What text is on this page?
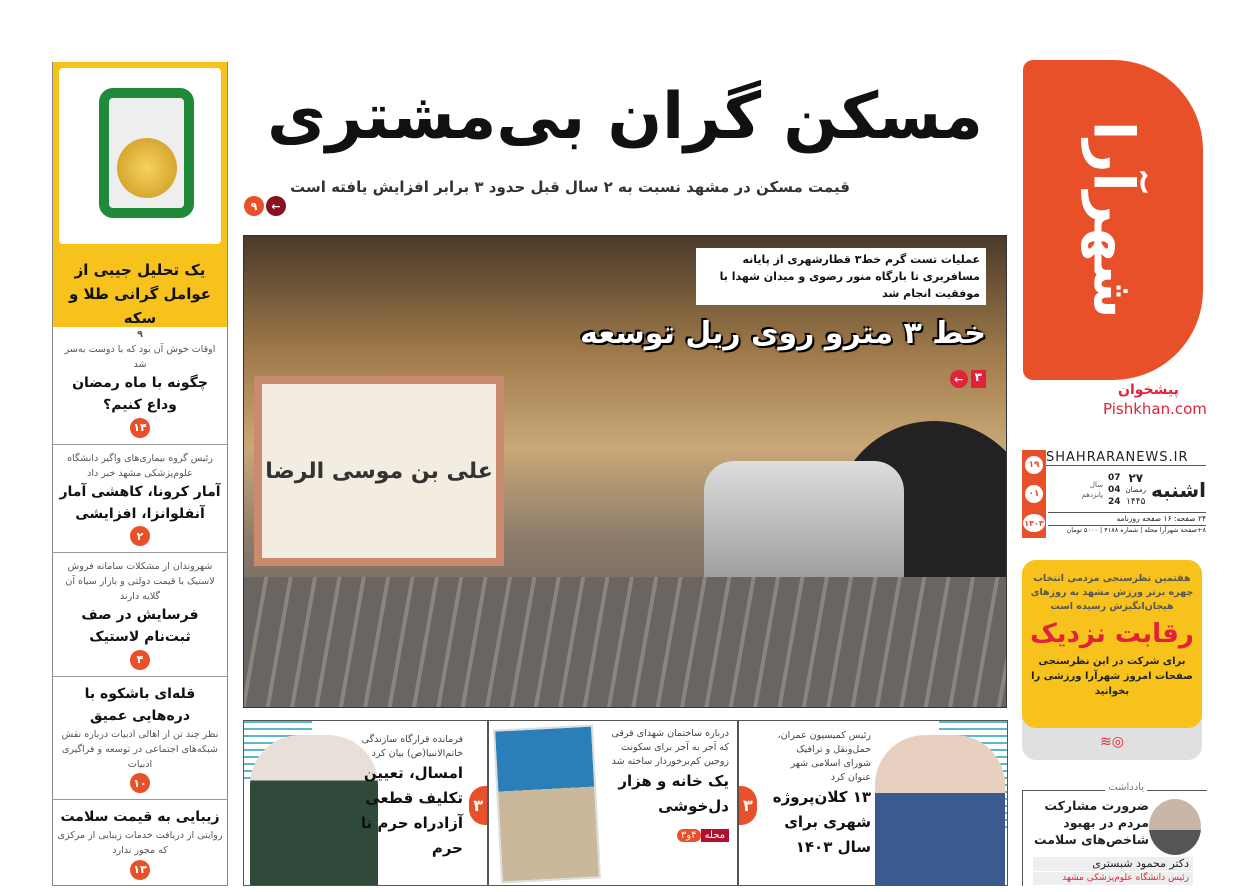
مسکن گران بی‌مشتری
قیمت مسکن در مشهد نسبت به ۲ سال قبل حدود ۳ برابر افزایش یافته است
۹	←
یک تحلیل جیبی از عوامل گرانی طلا و سکه
۹
اوقات خوش آن بود که با دوست به‌سر شد
چگونه با ماه رمضان وداع کنیم؟
۱۴
رئیس گروه بیماری‌های واگیر دانشگاه علوم‌پزشکی مشهد خبر داد
آمار کرونا، کاهشی آمار آنفلوانزا، افزایشی
۲
شهروندان از مشکلات سامانه فروش لاستیک با قیمت دولتی و بازار سیاه آن گلایه دارند
فرسایش در صف ثبت‌نام لاستیک
۴
قله‌ای باشکوه با دره‌هایی عمیق
نظر چند تن از اهالی ادبیات درباره نقش شبکه‌های اجتماعی در توسعه و فراگیری ادبیات
۱۰
زیبایی به قیمت سلامت
روایتی از دریافت خدمات زیبایی از مرکزی که مجوز ندارد
۱۳
علی بن موسی الرضا
عملیات تست گرم خط۳ قطارشهری از پایانه مسافربری تا بارگاه منور رضوی و میدان شهدا با موفقیت انجام شد
خط ۳ مترو روی ریل توسعه
← ۳
فرمانده قرارگاه سازندگی خاتم‌الانبیا(ص) بیان کرد
امسال، تعیین تکلیف قطعی آزادراه حرم تا حرم
۳
درباره ساختمان شهدای قرقی که آجر به آجر برای سکونت زوجین کم‌برخوردار ساخته شد
یک خانه و هزار دل‌خوشی
محله۴و۳
رئیس کمیسیون عمران، حمل‌ونقل و ترافیک شورای اسلامی شهر عنوان کرد
۱۳ کلان‌پروژه شهری برای سال ۱۴۰۳
۳
شهرآرا
پیشخوان
Pishkhan.com
SHAHRARANEWS.IR
۱۹
۰۱
۱۴۰۳
اشنبه
۲۷
رمضان
۱۴۴۵
07
04
24
سال
پانزدهم
۲۴ صفحه: ۱۶ صفحه روزنامه
۸+صفحه شهرآرا محله | شماره ۴۱۸۸ | ۵۰۰۰ تومان
هفتمین نظرسنجی مردمی انتخاب چهره برتر ورزش مشهد به روزهای هیجان‌انگیزش رسیده است
رقابت نزدیک
برای شرکت در این نظرسنجی صفحات امروز شهرآرا ورزشی را بخوانید
◎≋
یادداشت
ضرورت مشارکت مردم در بهبود شاخص‌های سلامت
دکتر محمود شبستری
رئیس دانشگاه علوم‌پزشکی مشهد
